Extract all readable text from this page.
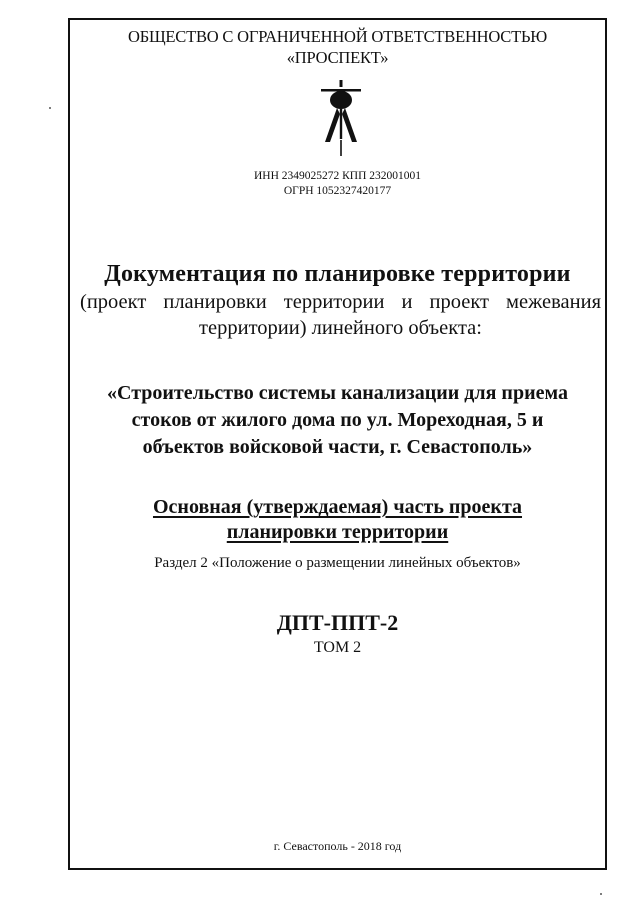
ОБЩЕСТВО С ОГРАНИЧЕННОЙ ОТВЕТСТВЕННОСТЬЮ
«ПРОСПЕКТ»
ИНН 2349025272 КПП 232001001
ОГРН 1052327420177
Документация по планировке территории
(проект планировки территории и проект межевания территории) линейного объекта:
«Строительство системы канализации для приема
стоков от жилого дома по ул. Мореходная, 5 и
объектов войсковой части, г. Севастополь»
Основная (утверждаемая) часть проекта
планировки территории
Раздел 2 «Положение о размещении линейных объектов»
ДПТ-ППТ-2
ТОМ 2
г. Севастополь - 2018 год
